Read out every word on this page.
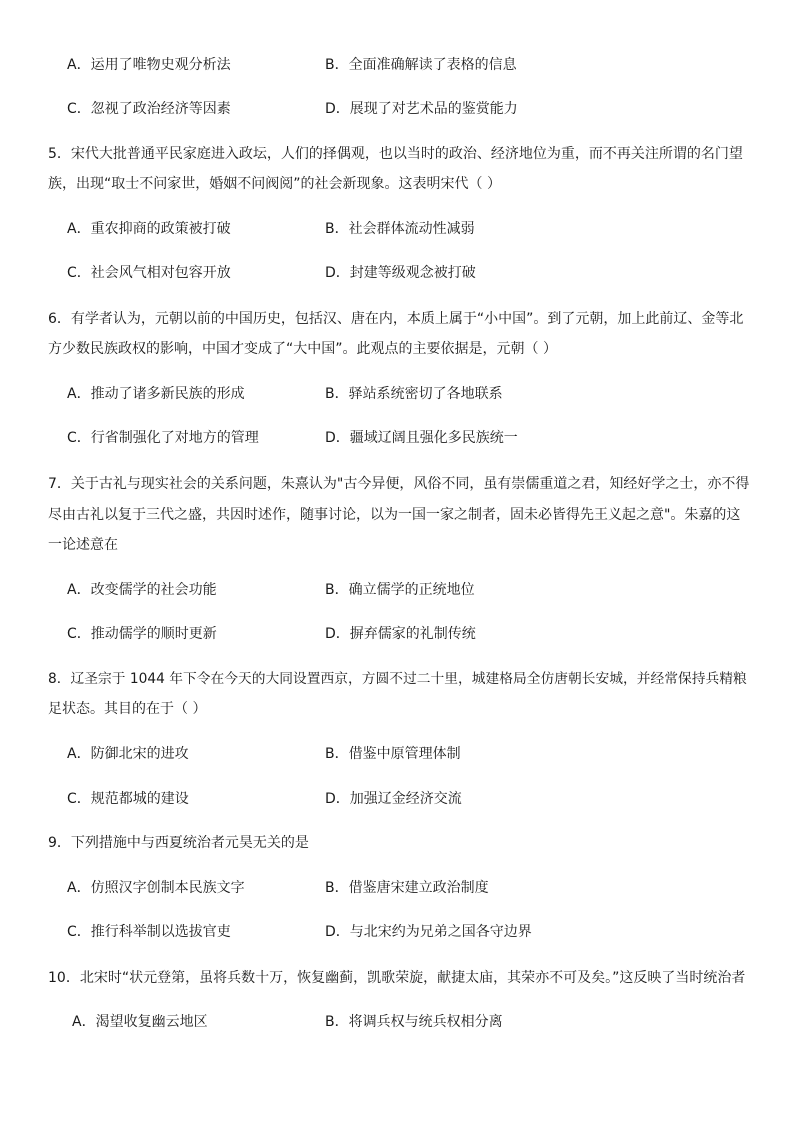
A．运用了唯物史观分析法	B．全面准确解读了表格的信息
C．忽视了政治经济等因素	D．展现了对艺术品的鉴赏能力
5．宋代大批普通平民家庭进入政坛，人们的择偶观，也以当时的政治、经济地位为重，而不再关注所谓的名门望
族，出现“取士不问家世，婚姻不问阀阅”的社会新现象。这表明宋代（ ）
A．重农抑商的政策被打破	B．社会群体流动性减弱
C．社会风气相对包容开放	D．封建等级观念被打破
6．有学者认为，元朝以前的中国历史，包括汉、唐在内，本质上属于“小中国”。到了元朝，加上此前辽、金等北
方少数民族政权的影响，中国才变成了“大中国”。此观点的主要依据是，元朝（ ）
A．推动了诸多新民族的形成	B．驿站系统密切了各地联系
C．行省制强化了对地方的管理	D．疆域辽阔且强化多民族统一
7．关于古礼与现实社会的关系问题，朱熹认为"古今异便，风俗不同，虽有崇儒重道之君，知经好学之士，亦不得
尽由古礼以复于三代之盛，共因时述作，随事讨论，以为一国一家之制者，固未必皆得先王义起之意"。朱嘉的这
一论述意在
A．改变儒学的社会功能	B．确立儒学的正统地位
C．推动儒学的顺时更新	D．摒弃儒家的礼制传统
8．辽圣宗于 1044 年下令在今天的大同设置西京，方圆不过二十里，城建格局全仿唐朝长安城，并经常保持兵精粮
足状态。其目的在于（ ）
A．防御北宋的进攻	B．借鉴中原管理体制
C．规范都城的建设	D．加强辽金经济交流
9．下列措施中与西夏统治者元昊无关的是
A．仿照汉字创制本民族文字	B．借鉴唐宋建立政治制度
C．推行科举制以选拔官吏	D．与北宋约为兄弟之国各守边界
10．北宋时“状元登第，虽将兵数十万，恢复幽蓟，凯歌荣旋，献捷太庙，其荣亦不可及矣。”这反映了当时统治者
A．渴望收复幽云地区	B．将调兵权与统兵权相分离
